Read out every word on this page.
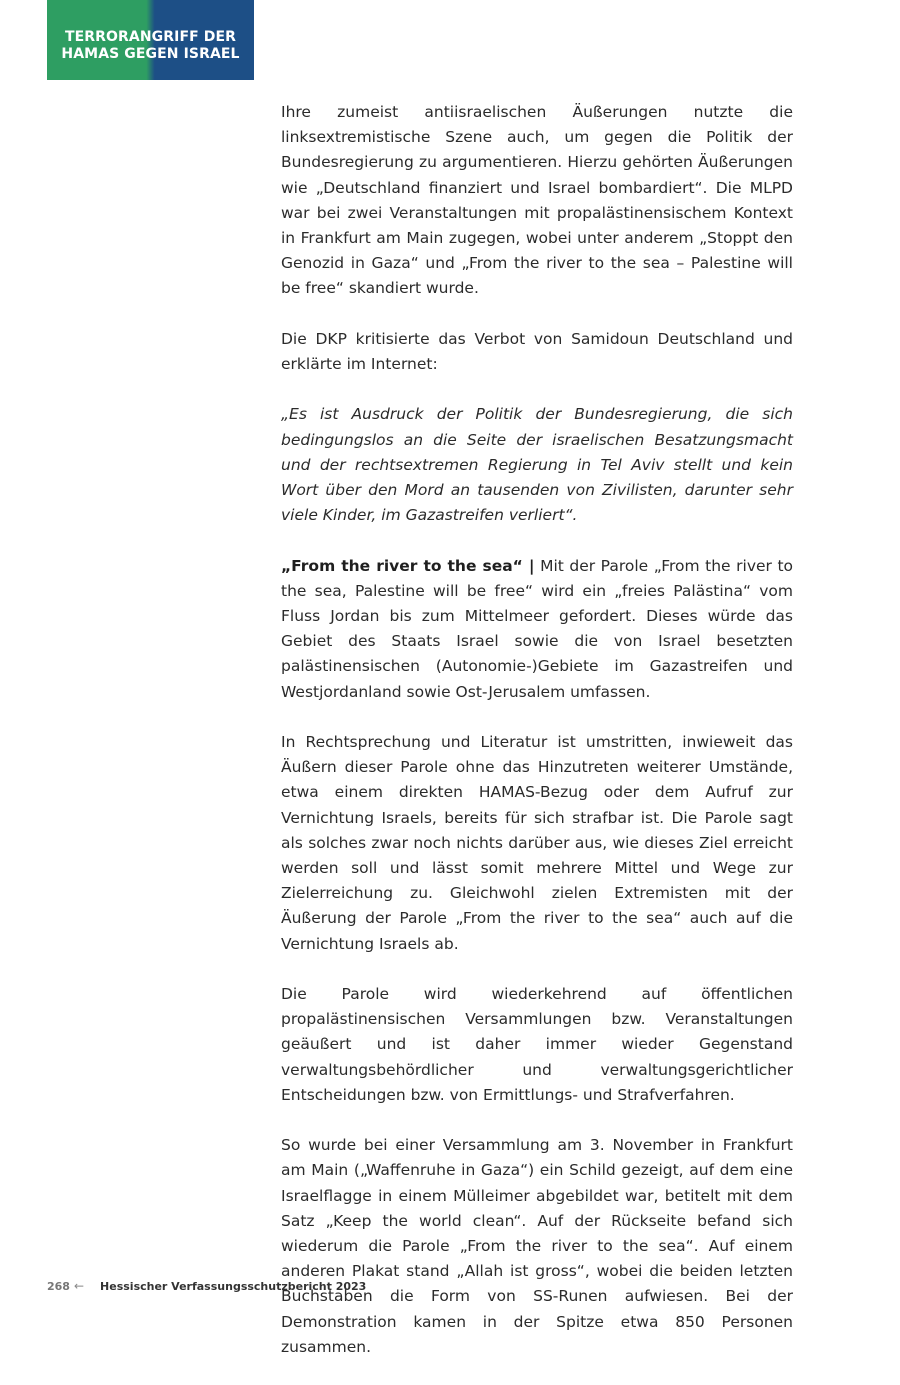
TERRORANGRIFF DER
HAMAS GEGEN ISRAEL

Ihre zumeist antiisraelischen Äußerungen nutzte die linksextremistische Szene auch, um gegen die Politik der Bundesregierung zu argumentieren. Hierzu gehörten Äußerungen wie „Deutschland finanziert und Israel bombardiert“. Die MLPD war bei zwei Veranstaltungen mit propalästinensischem Kontext in Frankfurt am Main zugegen, wobei unter anderem „Stoppt den Genozid in Gaza“ und „From the river to the sea – Palestine will be free“ skandiert wurde.

Die DKP kritisierte das Verbot von Samidoun Deutschland und erklärte im Internet:

„Es ist Ausdruck der Politik der Bundesregierung, die sich bedingungslos an die Seite der israelischen Besatzungsmacht und der rechtsextremen Regierung in Tel Aviv stellt und kein Wort über den Mord an tausenden von Zivilisten, darunter sehr viele Kinder, im Gazastreifen verliert“.

„From the river to the sea“ | Mit der Parole „From the river to the sea, Palestine will be free“ wird ein „freies Palästina“ vom Fluss Jordan bis zum Mittelmeer gefordert. Dieses würde das Gebiet des Staats Israel sowie die von Israel besetzten palästinensischen (Autonomie-)Gebiete im Gazastreifen und Westjordanland sowie Ost-Jerusalem umfassen.

In Rechtsprechung und Literatur ist umstritten, inwieweit das Äußern dieser Parole ohne das Hinzutreten weiterer Umstände, etwa einem direkten HAMAS-Bezug oder dem Aufruf zur Vernichtung Israels, bereits für sich strafbar ist. Die Parole sagt als solches zwar noch nichts darüber aus, wie dieses Ziel erreicht werden soll und lässt somit mehrere Mittel und Wege zur Zielerreichung zu. Gleichwohl zielen Extremisten mit der Äußerung der Parole „From the river to the sea“ auch auf die Vernichtung Israels ab.

Die Parole wird wiederkehrend auf öffentlichen propalästinensischen Versammlungen bzw. Veranstaltungen geäußert und ist daher immer wieder Gegenstand verwaltungsbehördlicher und verwaltungsgerichtlicher Entscheidungen bzw. von Ermittlungs- und Strafverfahren.

So wurde bei einer Versammlung am 3. November in Frankfurt am Main („Waffenruhe in Gaza“) ein Schild gezeigt, auf dem eine Israelflagge in einem Mülleimer abgebildet war, betitelt mit dem Satz „Keep the world clean“. Auf der Rückseite befand sich wiederum die Parole „From the river to the sea“. Auf einem anderen Plakat stand „Allah ist gross“, wobei die beiden letzten Buchstaben die Form von SS-Runen aufwiesen. Bei der Demonstration kamen in der Spitze etwa 850 Personen zusammen.

268 ← Hessischer Verfassungsschutzbericht 2023
